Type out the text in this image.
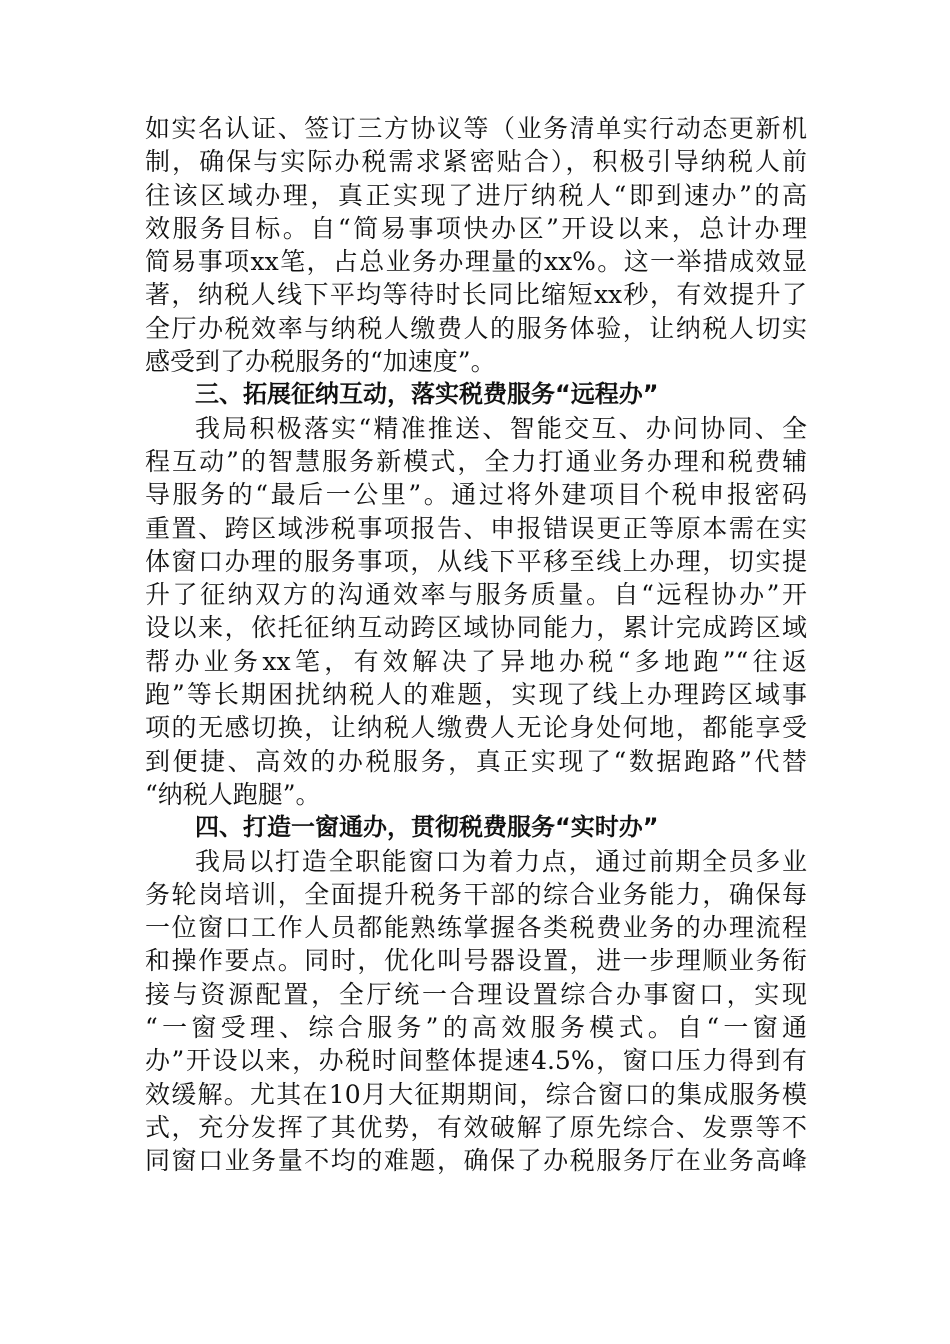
如实名认证、签订三方协议等（业务清单实行动态更新机
制，确保与实际办税需求紧密贴合），积极引导纳税人前
往该区域办理，真正实现了进厅纳税人“即到速办”的高
效服务目标。自“简易事项快办区”开设以来，总计办理
简易事项xx笔，占总业务办理量的xx%。这一举措成效显
著，纳税人线下平均等待时长同比缩短xx秒，有效提升了
全厅办税效率与纳税人缴费人的服务体验，让纳税人切实
感受到了办税服务的“加速度”。
三、拓展征纳互动，落实税费服务“远程办”
我局积极落实“精准推送、智能交互、办问协同、全
程互动”的智慧服务新模式，全力打通业务办理和税费辅
导服务的“最后一公里”。通过将外建项目个税申报密码
重置、跨区域涉税事项报告、申报错误更正等原本需在实
体窗口办理的服务事项，从线下平移至线上办理，切实提
升了征纳双方的沟通效率与服务质量。自“远程协办”开
设以来，依托征纳互动跨区域协同能力，累计完成跨区域
帮办业务xx笔，有效解决了异地办税“多地跑”“往返
跑”等长期困扰纳税人的难题，实现了线上办理跨区域事
项的无感切换，让纳税人缴费人无论身处何地，都能享受
到便捷、高效的办税服务，真正实现了“数据跑路”代替
“纳税人跑腿”。
四、打造一窗通办，贯彻税费服务“实时办”
我局以打造全职能窗口为着力点，通过前期全员多业
务轮岗培训，全面提升税务干部的综合业务能力，确保每
一位窗口工作人员都能熟练掌握各类税费业务的办理流程
和操作要点。同时，优化叫号器设置，进一步理顺业务衔
接与资源配置，全厅统一合理设置综合办事窗口，实现
“一窗受理、综合服务”的高效服务模式。自“一窗通
办”开设以来，办税时间整体提速4.5%，窗口压力得到有
效缓解。尤其在10月大征期期间，综合窗口的集成服务模
式，充分发挥了其优势，有效破解了原先综合、发票等不
同窗口业务量不均的难题，确保了办税服务厅在业务高峰
